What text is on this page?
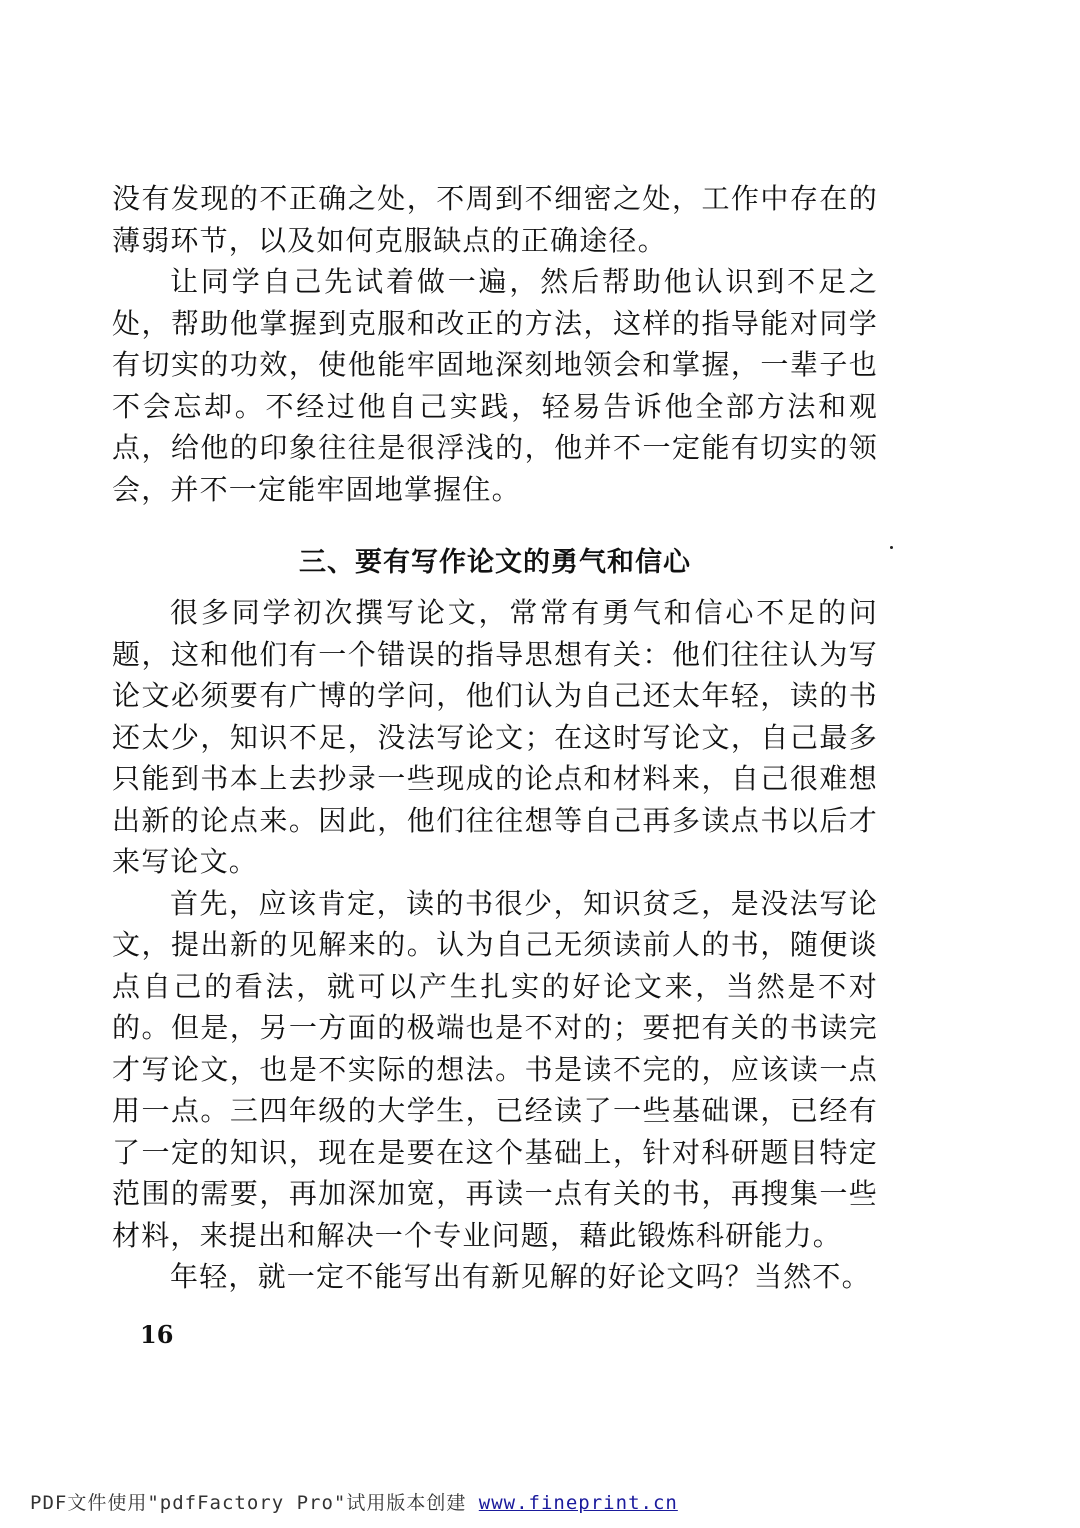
没有发现的不正确之处，不周到不细密之处，工作中存在的薄弱环节，以及如何克服缺点的正确途径。

让同学自己先试着做一遍，然后帮助他认识到不足之处，帮助他掌握到克服和改正的方法，这样的指导能对同学有切实的功效，使他能牢固地深刻地领会和掌握，一辈子也不会忘却。不经过他自己实践，轻易告诉他全部方法和观点，给他的印象往往是很浮浅的，他并不一定能有切实的领会，并不一定能牢固地掌握住。

三、要有写作论文的勇气和信心

很多同学初次撰写论文，常常有勇气和信心不足的问题，这和他们有一个错误的指导思想有关：他们往往认为写论文必须要有广博的学问，他们认为自己还太年轻，读的书还太少，知识不足，没法写论文；在这时写论文，自己最多只能到书本上去抄录一些现成的论点和材料来，自己很难想出新的论点来。因此，他们往往想等自己再多读点书以后才来写论文。

首先，应该肯定，读的书很少，知识贫乏，是没法写论文，提出新的见解来的。认为自己无须读前人的书，随便谈点自己的看法，就可以产生扎实的好论文来，当然是不对的。但是，另一方面的极端也是不对的；要把有关的书读完才写论文，也是不实际的想法。书是读不完的，应该读一点用一点。三四年级的大学生，已经读了一些基础课，已经有了一定的知识，现在是要在这个基础上，针对科研题目特定范围的需要，再加深加宽，再读一点有关的书，再搜集一些材料，来提出和解决一个专业问题，藉此锻炼科研能力。

年轻，就一定不能写出有新见解的好论文吗？当然不。

16
PDF文件使用"pdfFactory Pro"试用版本创建 www.fineprint.cn
